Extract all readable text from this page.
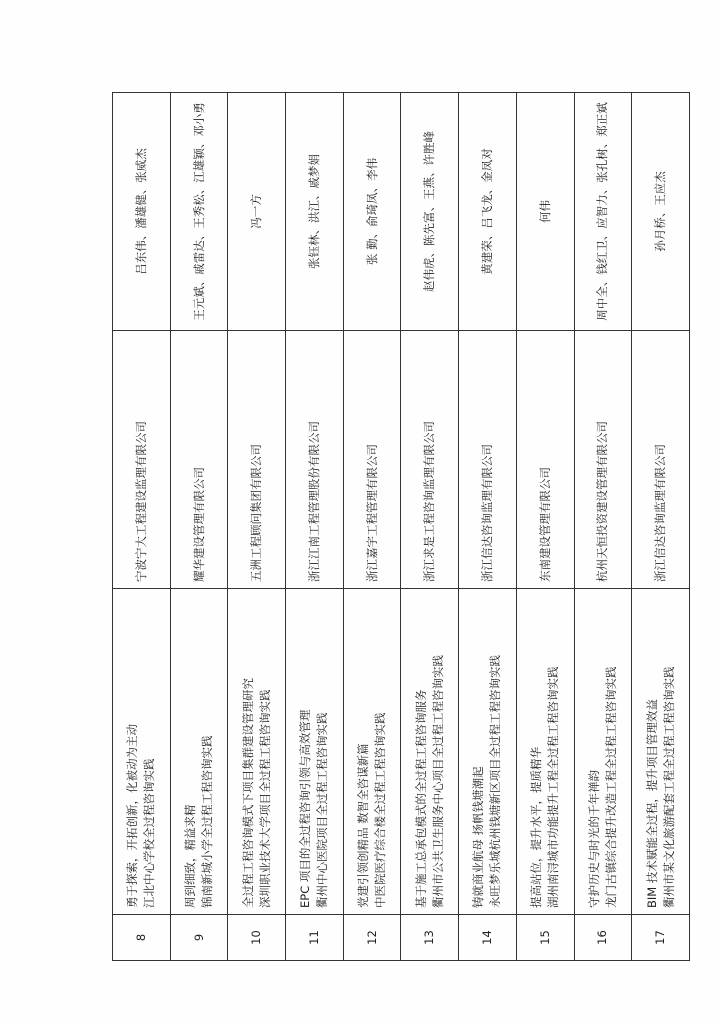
8	勇于探索，开拓创新，化被动为主动 江北中心学校全过程咨询实践	宁波宁大工程建设监理有限公司	吕东伟、潘雄健、张威杰

9	周到细致，精益求精 锦南新城小学全过程工程咨询实践	耀华建设管理有限公司	王元斌、戚雷达、王秀松、江雄颖、邓小勇

10	全过程工程咨询模式下项目集群建设管理研究 深圳职业技术大学项目全过程工程咨询实践	五洲工程顾问集团有限公司	冯一方

11	EPC 项目的全过程咨询引领与高效管理 衢州中心医院项目全过程工程咨询实践	浙江江南工程管理股份有限公司	张钰林、洪江、戚梦娟

12	党建引领创精品 数智全咨谋新篇 中医院医疗综合楼全过程工程咨询实践	浙江嘉宇工程管理有限公司	张 勤、俞琦凤、李伟

13	基于施工总承包模式的全过程工程咨询服务 衢州市公共卫生服务中心项目全过程工程咨询实践	浙江求是工程咨询监理有限公司	赵伟虎、陈先富、王燕、许胜峰

14	铸就商业航母 扬帆钱塘潮起 永旺梦乐城杭州钱塘新区项目全过程工程咨询实践	浙江信达咨询监理有限公司	黄建荣、吕飞龙、金凤对

15	提高站位，提升水平，提质精华 湖州南浔城市功能提升工程全过程工程咨询实践	东南建设管理有限公司	何伟

16	守护历史与时光的千年禅韵 龙门古镇综合提升改造工程全过程工程咨询实践	杭州天恒投资建设管理有限公司	周中全、钱红卫、应智力、张孔树、郑正斌

17	BIM 技术赋能全过程，提升项目管理效益 衢州市某文化旅游配套工程全过程工程咨询实践	浙江信达咨询监理有限公司	孙月桥、王应杰
